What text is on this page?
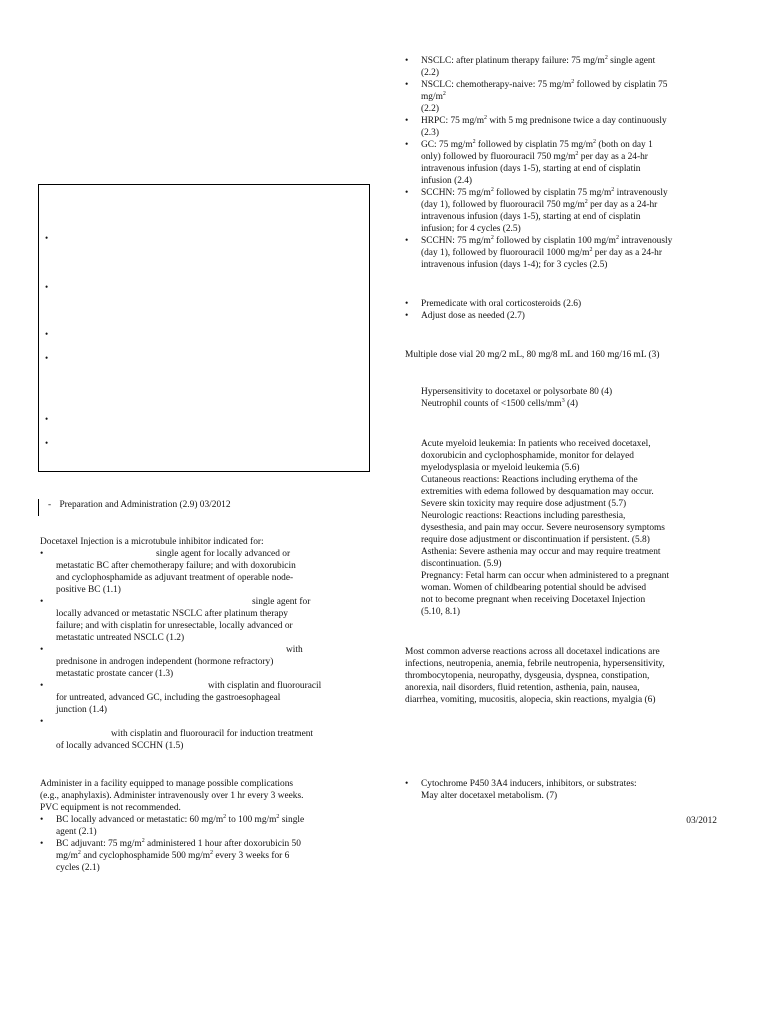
•
•
•
•
•
•
- Preparation and Administration (2.9) 03/2012
Docetaxel Injection is a microtubule inhibitor indicated for:
•	single agent for locally advanced or
metastatic BC after chemotherapy failure; and with doxorubicin
and cyclophosphamide as adjuvant treatment of operable node-
positive BC (1.1)
•	single agent for
locally advanced or metastatic NSCLC after platinum therapy
failure; and with cisplatin for unresectable, locally advanced or
metastatic untreated NSCLC (1.2)
•	with
prednisone in androgen independent (hormone refractory)
metastatic prostate cancer (1.3)
•	with cisplatin and fluorouracil
for untreated, advanced GC, including the gastroesophageal
junction (1.4)
•
with cisplatin and fluorouracil for induction treatment
of locally advanced SCCHN (1.5)
Administer in a facility equipped to manage possible complications
(e.g., anaphylaxis). Administer intravenously over 1 hr every 3 weeks.
PVC equipment is not recommended.
• BC locally advanced or metastatic: 60 $mg/m^2$ to 100 $mg/m^2$ single
agent (2.1)
• BC adjuvant: 75 $mg/m^2$ administered 1 hour after doxorubicin 50
$mg/m^2$ and cyclophosphamide 500 $mg/m^2$ every 3 weeks for 6
cycles (2.1)
• NSCLC: after platinum therapy failure: 75 $mg/m^2$ single agent
(2.2)
• NSCLC: chemotherapy-naive: 75 $mg/m^2$ followed by cisplatin 75
$mg/m^2$
(2.2)
• HRPC: 75 $mg/m^2$ with 5 mg prednisone twice a day continuously
(2.3)
• GC: 75 $mg/m^2$ followed by cisplatin 75 $mg/m^2$ (both on day 1
only) followed by fluorouracil 750 $mg/m^2$ per day as a 24-hr
intravenous infusion (days 1-5), starting at end of cisplatin
infusion (2.4)
• SCCHN: 75 $mg/m^2$ followed by cisplatin 75 $mg/m^2$ intravenously
(day 1), followed by fluorouracil 750 $mg/m^2$ per day as a 24-hr
intravenous infusion (days 1-5), starting at end of cisplatin
infusion; for 4 cycles (2.5)
• SCCHN: 75 $mg/m^2$ followed by cisplatin 100 $mg/m^2$ intravenously
(day 1), followed by fluorouracil 1000 $mg/m^2$ per day as a 24-hr
intravenous infusion (days 1-4); for 3 cycles (2.5)
• Premedicate with oral corticosteroids (2.6)
• Adjust dose as needed (2.7)
Multiple dose vial 20 mg/2 mL, 80 mg/8 mL and 160 mg/16 mL (3)
Hypersensitivity to docetaxel or polysorbate 80 (4)
Neutrophil counts of <1500 cells/$mm^3$ (4)
Acute myeloid leukemia: In patients who received docetaxel,
doxorubicin and cyclophosphamide, monitor for delayed
myelodysplasia or myeloid leukemia (5.6)
Cutaneous reactions: Reactions including erythema of the
extremities with edema followed by desquamation may occur.
Severe skin toxicity may require dose adjustment (5.7)
Neurologic reactions: Reactions including paresthesia,
dysesthesia, and pain may occur. Severe neurosensory symptoms
require dose adjustment or discontinuation if persistent. (5.8)
Asthenia: Severe asthenia may occur and may require treatment
discontinuation. (5.9)
Pregnancy: Fetal harm can occur when administered to a pregnant
woman. Women of childbearing potential should be advised
not to become pregnant when receiving Docetaxel Injection
(5.10, 8.1)
Most common adverse reactions across all docetaxel indications are
infections, neutropenia, anemia, febrile neutropenia, hypersensitivity,
thrombocytopenia, neuropathy, dysgeusia, dyspnea, constipation,
anorexia, nail disorders, fluid retention, asthenia, pain, nausea,
diarrhea, vomiting, mucositis, alopecia, skin reactions, myalgia (6)
• Cytochrome P450 3A4 inducers, inhibitors, or substrates:
May alter docetaxel metabolism. (7)
03/2012
